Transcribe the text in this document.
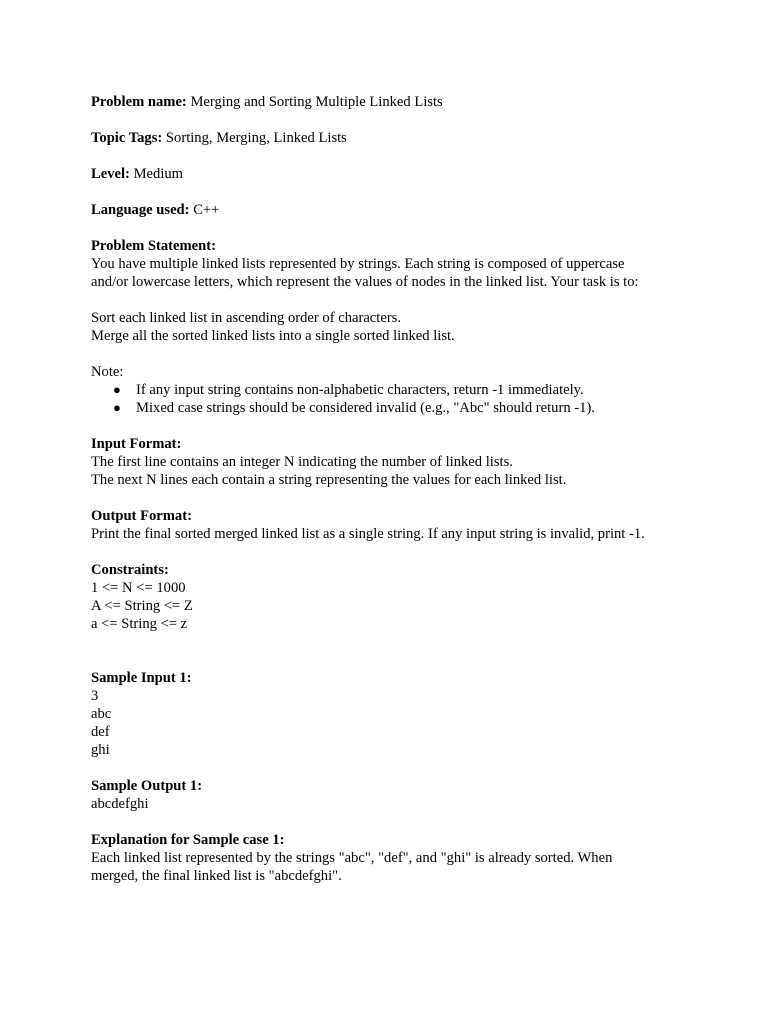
Problem name: Merging and Sorting Multiple Linked Lists
Topic Tags: Sorting, Merging, Linked Lists
Level: Medium
Language used: C++
Problem Statement:
You have multiple linked lists represented by strings. Each string is composed of uppercase
and/or lowercase letters, which represent the values of nodes in the linked list. Your task is to:
Sort each linked list in ascending order of characters.
Merge all the sorted linked lists into a single sorted linked list.
Note:
● If any input string contains non-alphabetic characters, return -1 immediately.
● Mixed case strings should be considered invalid (e.g., "Abc" should return -1).
Input Format:
The first line contains an integer N indicating the number of linked lists.
The next N lines each contain a string representing the values for each linked list.
Output Format:
Print the final sorted merged linked list as a single string. If any input string is invalid, print -1.
Constraints:
1 <= N <= 1000
A <= String <= Z
a <= String <= z
Sample Input 1:
3
abc
def
ghi
Sample Output 1:
abcdefghi
Explanation for Sample case 1:
Each linked list represented by the strings "abc", "def", and "ghi" is already sorted. When
merged, the final linked list is "abcdefghi".
